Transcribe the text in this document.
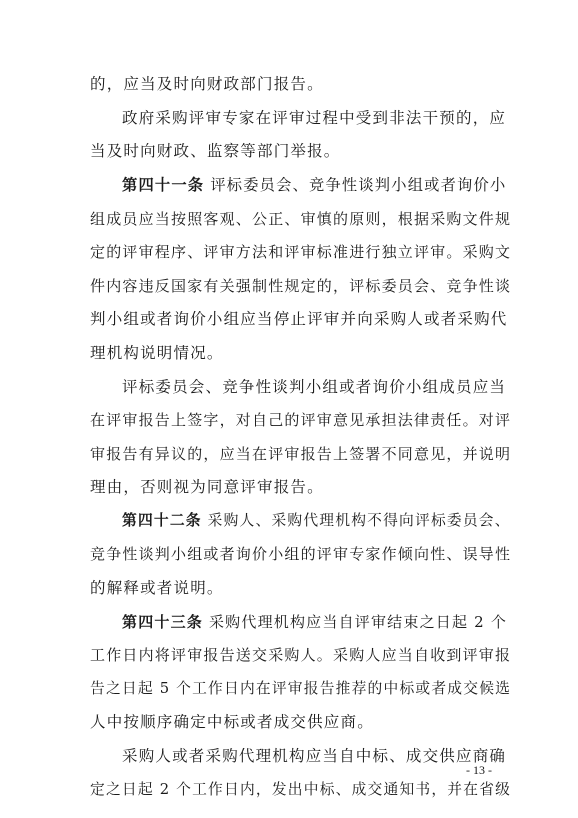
的，应当及时向财政部门报告。
政府采购评审专家在评审过程中受到非法干预的，应
当及时向财政、监察等部门举报。
第四十一条 评标委员会、竞争性谈判小组或者询价小
组成员应当按照客观、公正、审慎的原则，根据采购文件规
定的评审程序、评审方法和评审标准进行独立评审。采购文
件内容违反国家有关强制性规定的，评标委员会、竞争性谈
判小组或者询价小组应当停止评审并向采购人或者采购代
理机构说明情况。
评标委员会、竞争性谈判小组或者询价小组成员应当
在评审报告上签字，对自己的评审意见承担法律责任。对评
审报告有异议的，应当在评审报告上签署不同意见，并说明
理由，否则视为同意评审报告。
第四十二条 采购人、采购代理机构不得向评标委员会、
竞争性谈判小组或者询价小组的评审专家作倾向性、误导性
的解释或者说明。
第四十三条 采购代理机构应当自评审结束之日起 2 个
工作日内将评审报告送交采购人。采购人应当自收到评审报
告之日起 5 个工作日内在评审报告推荐的中标或者成交候选
人中按顺序确定中标或者成交供应商。
采购人或者采购代理机构应当自中标、成交供应商确
定之日起 2 个工作日内，发出中标、成交通知书，并在省级
- 13 -
